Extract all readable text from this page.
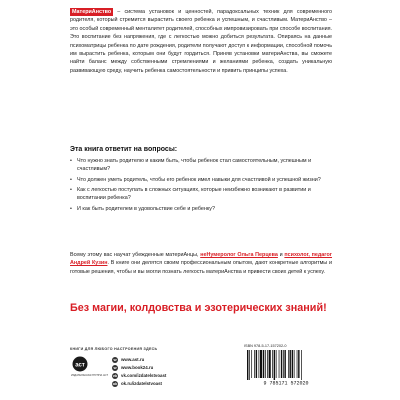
МатериАнство – система установок и ценностей, парадоксальных техник для современного родителя, который стремится вырастить своего ребенка и успешным, и счастливым. МатериАнство – это особый современный менталитет родителей, способных импровизировать при способе воспитания. Это воспитание без напряжения, где с легкостью можно добиться результата. Опираясь на данные психоматрицы ребенка по дате рождения, родители получают доступ к информации, способной помочь им вырастить ребенка, которым они будут гордиться. Приняв установки материАнства, вы сможете найти баланс между собственными стремлениями и желаниями ребенка, создать уникальную развивающую среду, научить ребенка самостоятельности и привить принципы успеха.
Эта книга ответит на вопросы:
• Что нужно знать родителю и каким быть, чтобы ребенок стал самостоятельным, успешным и счастливым?
• Что должен уметь родитель, чтобы его ребенок имел навыки для счастливой и успешной жизни?
• Как с легкостью поступать в сложных ситуациях, которые неизбежно возникают в развитии и воспитании ребенка?
• И как быть родителем в удовольствие себе и ребенку?
Всему этому вас научат убежденные материАнцы, неНумеролог Ольга Перцева и психолог, педагог Андрей Кузин. В книге они делятся своим профессиональным опытом, дают конкретные алгоритмы и готовые решения, чтобы и вы могли познать легкость материАнства и привести своих детей к успеху.
Без магии, колдовства и эзотерических знаний!
КНИГИ ДЛЯ ЛЮБОГО НАСТРОЕНИЯ ЗДЕСЬ
аст
ИЗДАТЕЛЬСКАЯ ГРУППА АСТ
w	www.ast.ru
w	www.book24.ru
vk vk.com/izdatelstvoast
ok ok.ru/izdatelstvoast
ISBN 978-5-17-157202-0
9 785171 572020
